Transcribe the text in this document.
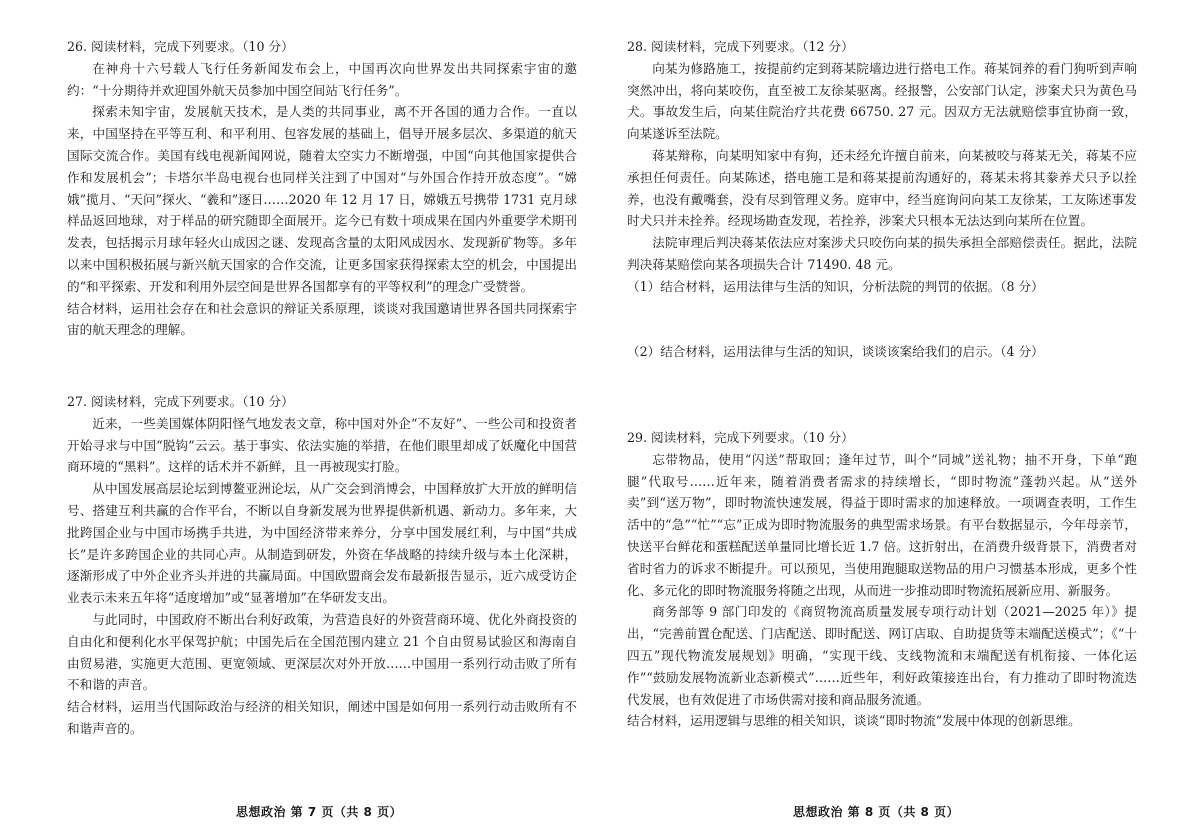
26. 阅读材料，完成下列要求。（10 分）

在神舟十六号载人飞行任务新闻发布会上，中国再次向世界发出共同探索宇宙的邀约：“十分期待并欢迎国外航天员参加中国空间站飞行任务”。

探索未知宇宙，发展航天技术，是人类的共同事业，离不开各国的通力合作。一直以来，中国坚持在平等互利、和平利用、包容发展的基础上，倡导开展多层次、多渠道的航天国际交流合作。美国有线电视新闻网说，随着太空实力不断增强，中国“向其他国家提供合作和发展机会”；卡塔尔半岛电视台也同样关注到了中国对“与外国合作持开放态度”。“嫦娥”揽月、“天问”探火、“羲和”逐日……2020 年 12 月 17 日，嫦娥五号携带 1731 克月球样品返回地球，对于样品的研究随即全面展开。迄今已有数十项成果在国内外重要学术期刊发表，包括揭示月球年轻火山成因之谜、发现高含量的太阳风成因水、发现新矿物等。多年以来中国积极拓展与新兴航天国家的合作交流，让更多国家获得探索太空的机会，中国提出的“和平探索、开发和利用外层空间是世界各国都享有的平等权利”的理念广受赞誉。

结合材料，运用社会存在和社会意识的辩证关系原理，谈谈对我国邀请世界各国共同探索宇宙的航天理念的理解。

27. 阅读材料，完成下列要求。（10 分）

近来，一些美国媒体阴阳怪气地发表文章，称中国对外企“不友好”、一些公司和投资者开始寻求与中国“脱钩”云云。基于事实、依法实施的举措，在他们眼里却成了妖魔化中国营商环境的“黑料”。这样的话术并不新鲜，且一再被现实打脸。

从中国发展高层论坛到博鳌亚洲论坛，从广交会到消博会，中国释放扩大开放的鲜明信号、搭建互利共赢的合作平台，不断以自身新发展为世界提供新机遇、新动力。多年来，大批跨国企业与中国市场携手共进，为中国经济带来养分，分享中国发展红利，与中国“共成长”是许多跨国企业的共同心声。从制造到研发，外资在华战略的持续升级与本土化深耕，逐渐形成了中外企业齐头并进的共赢局面。中国欧盟商会发布最新报告显示，近六成受访企业表示未来五年将“适度增加”或“显著增加”在华研发支出。

与此同时，中国政府不断出台利好政策，为营造良好的外资营商环境、优化外商投资的自由化和便利化水平保驾护航；中国先后在全国范围内建立 21 个自由贸易试验区和海南自由贸易港，实施更大范围、更宽领域、更深层次对外开放……中国用一系列行动击败了所有不和谐的声音。

结合材料，运用当代国际政治与经济的相关知识，阐述中国是如何用一系列行动击败所有不和谐声音的。

思想政治 第 7 页（共 8 页）

28. 阅读材料，完成下列要求。（12 分）

向某为修路施工，按提前约定到蒋某院墙边进行搭电工作。蒋某饲养的看门狗听到声响突然冲出，将向某咬伤，直至被工友徐某驱离。经报警，公安部门认定，涉案犬只为黄色马犬。事故发生后，向某住院治疗共花费 66750. 27 元。因双方无法就赔偿事宜协商一致，向某遂诉至法院。

蒋某辩称，向某明知家中有狗，还未经允许擅自前来，向某被咬与蒋某无关，蒋某不应承担任何责任。向某陈述，搭电施工是和蒋某提前沟通好的，蒋某未将其豢养犬只予以拴养，也没有戴嘴套，没有尽到管理义务。庭审中，经当庭询问向某工友徐某，工友陈述事发时犬只并未拴养。经现场勘查发现，若拴养，涉案犬只根本无法达到向某所在位置。

法院审理后判决蒋某依法应对案涉犬只咬伤向某的损失承担全部赔偿责任。据此，法院判决蒋某赔偿向某各项损失合计 71490. 48 元。

（1）结合材料，运用法律与生活的知识，分析法院的判罚的依据。（8 分）

（2）结合材料，运用法律与生活的知识，谈谈该案给我们的启示。（4 分）

29. 阅读材料，完成下列要求。（10 分）

忘带物品，使用“闪送”帮取回；逢年过节，叫个“同城”送礼物；抽不开身，下单“跑腿”代取号……近年来，随着消费者需求的持续增长，“即时物流”蓬勃兴起。从“送外卖”到“送万物”，即时物流快速发展，得益于即时需求的加速释放。一项调查表明，工作生活中的“急”“忙”“忘”正成为即时物流服务的典型需求场景。有平台数据显示，今年母亲节，快送平台鲜花和蛋糕配送单量同比增长近 1.7 倍。这折射出，在消费升级背景下，消费者对省时省力的诉求不断提升。可以预见，当使用跑腿取送物品的用户习惯基本形成，更多个性化、多元化的即时物流服务将随之出现，从而进一步推动即时物流拓展新应用、新服务。

商务部等 9 部门印发的《商贸物流高质量发展专项行动计划（2021—2025 年）》提出，“完善前置仓配送、门店配送、即时配送、网订店取、自助提货等末端配送模式”；《“十四五”现代物流发展规划》明确，“实现干线、支线物流和末端配送有机衔接、一体化运作”“鼓励发展物流新业态新模式”……近些年，利好政策接连出台，有力推动了即时物流迭代发展，也有效促进了市场供需对接和商品服务流通。

结合材料，运用逻辑与思维的相关知识，谈谈“即时物流”发展中体现的创新思维。

思想政治 第 8 页（共 8 页）
